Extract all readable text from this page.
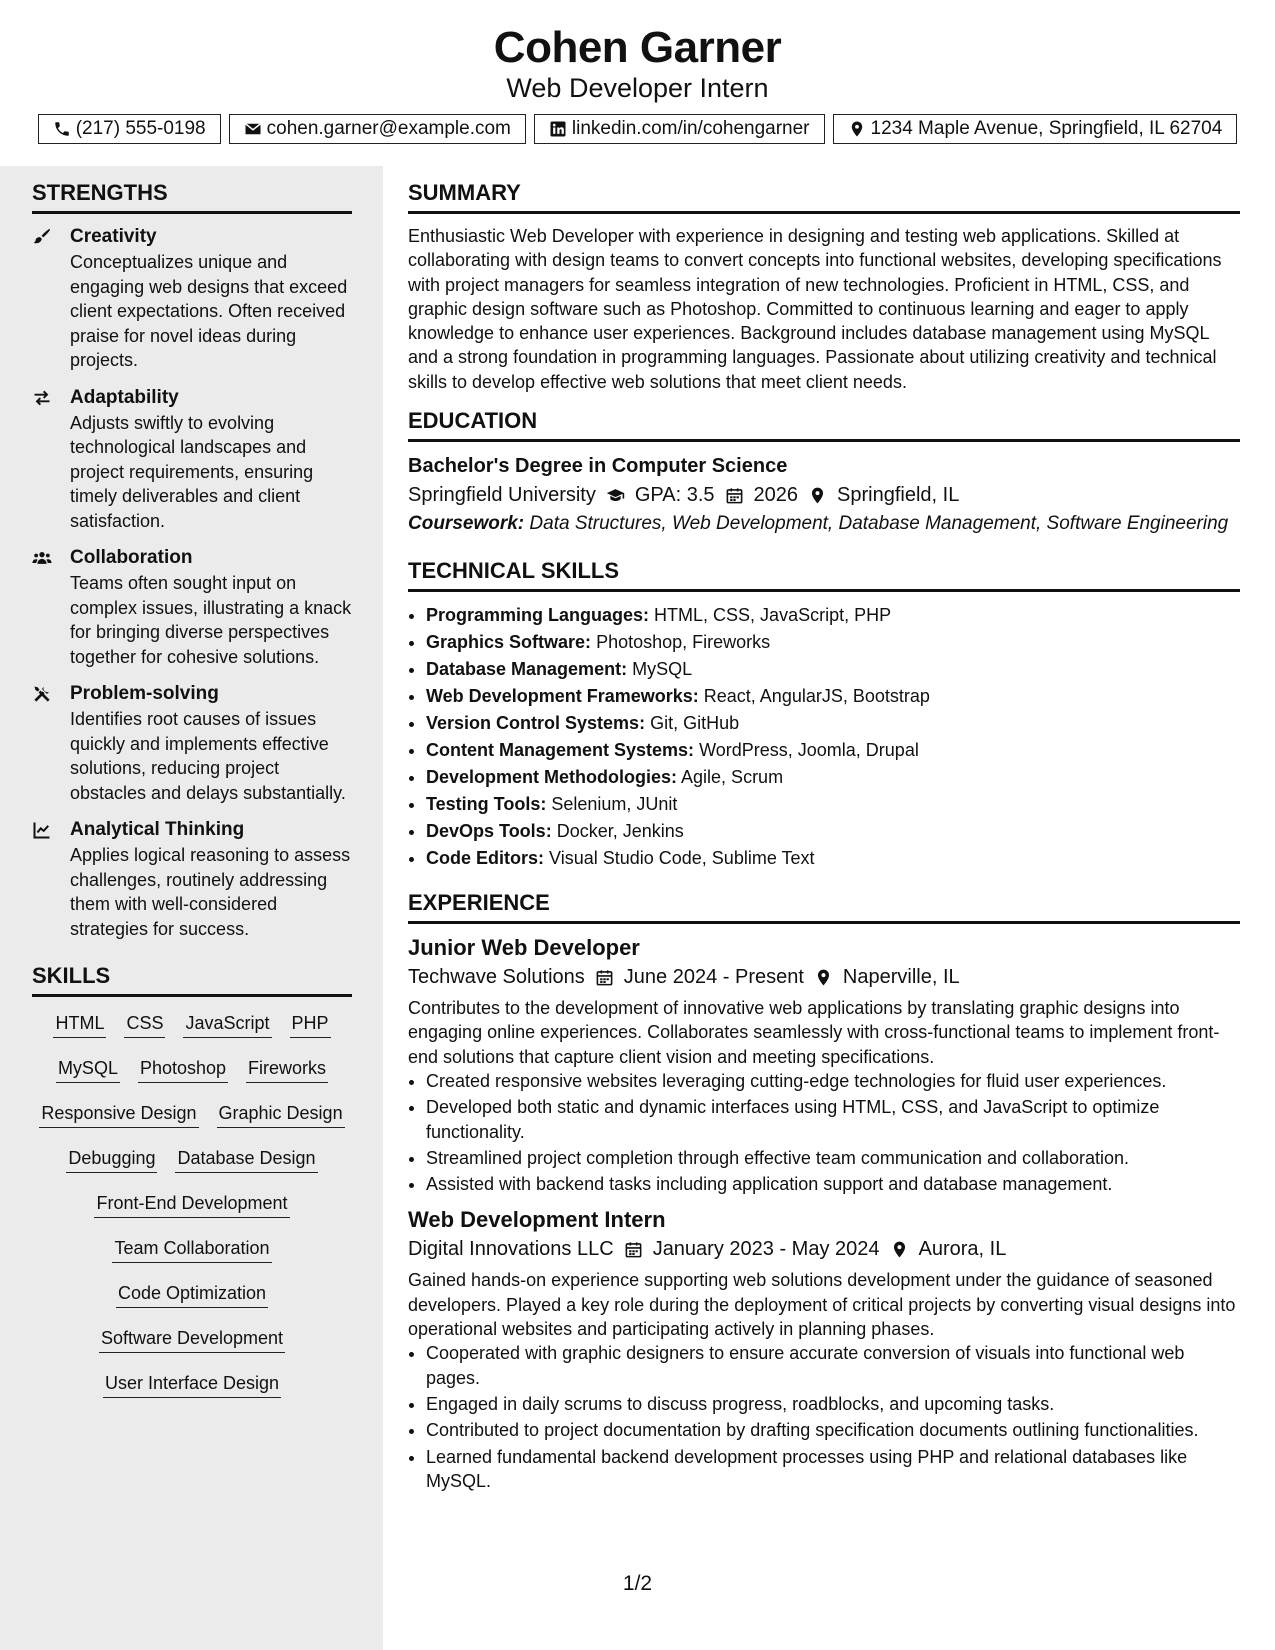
Cohen Garner
Web Developer Intern
(217) 555-0198	cohen.garner@example.com	linkedin.com/in/cohengarner	1234 Maple Avenue, Springfield, IL 62704
STRENGTHS
Creativity
Conceptualizes unique and engaging web designs that exceed client expectations. Often received praise for novel ideas during projects.
Adaptability
Adjusts swiftly to evolving technological landscapes and project requirements, ensuring timely deliverables and client satisfaction.
Collaboration
Teams often sought input on complex issues, illustrating a knack for bringing diverse perspectives together for cohesive solutions.
Problem-solving
Identifies root causes of issues quickly and implements effective solutions, reducing project obstacles and delays substantially.
Analytical Thinking
Applies logical reasoning to assess challenges, routinely addressing them with well-considered strategies for success.
SKILLS
HTML CSS JavaScript PHP
MySQL Photoshop Fireworks
Responsive Design Graphic Design
Debugging Database Design
Front-End Development
Team Collaboration
Code Optimization
Software Development
User Interface Design
SUMMARY
Enthusiastic Web Developer with experience in designing and testing web applications. Skilled at collaborating with design teams to convert concepts into functional websites, developing specifications with project managers for seamless integration of new technologies. Proficient in HTML, CSS, and graphic design software such as Photoshop. Committed to continuous learning and eager to apply knowledge to enhance user experiences. Background includes database management using MySQL and a strong foundation in programming languages. Passionate about utilizing creativity and technical skills to develop effective web solutions that meet client needs.
EDUCATION
Bachelor's Degree in Computer Science
Springfield University GPA: 3.5 2026 Springfield, IL
Coursework: Data Structures, Web Development, Database Management, Software Engineering
TECHNICAL SKILLS
• Programming Languages: HTML, CSS, JavaScript, PHP
• Graphics Software: Photoshop, Fireworks
• Database Management: MySQL
• Web Development Frameworks: React, AngularJS, Bootstrap
• Version Control Systems: Git, GitHub
• Content Management Systems: WordPress, Joomla, Drupal
• Development Methodologies: Agile, Scrum
• Testing Tools: Selenium, JUnit
• DevOps Tools: Docker, Jenkins
• Code Editors: Visual Studio Code, Sublime Text
EXPERIENCE
Junior Web Developer
Techwave Solutions June 2024 - Present Naperville, IL
Contributes to the development of innovative web applications by translating graphic designs into engaging online experiences. Collaborates seamlessly with cross-functional teams to implement front-end solutions that capture client vision and meeting specifications.
• Created responsive websites leveraging cutting-edge technologies for fluid user experiences.
• Developed both static and dynamic interfaces using HTML, CSS, and JavaScript to optimize functionality.
• Streamlined project completion through effective team communication and collaboration.
• Assisted with backend tasks including application support and database management.
Web Development Intern
Digital Innovations LLC January 2023 - May 2024 Aurora, IL
Gained hands-on experience supporting web solutions development under the guidance of seasoned developers. Played a key role during the deployment of critical projects by converting visual designs into operational websites and participating actively in planning phases.
• Cooperated with graphic designers to ensure accurate conversion of visuals into functional web pages.
• Engaged in daily scrums to discuss progress, roadblocks, and upcoming tasks.
• Contributed to project documentation by drafting specification documents outlining functionalities.
• Learned fundamental backend development processes using PHP and relational databases like MySQL.
1/2
